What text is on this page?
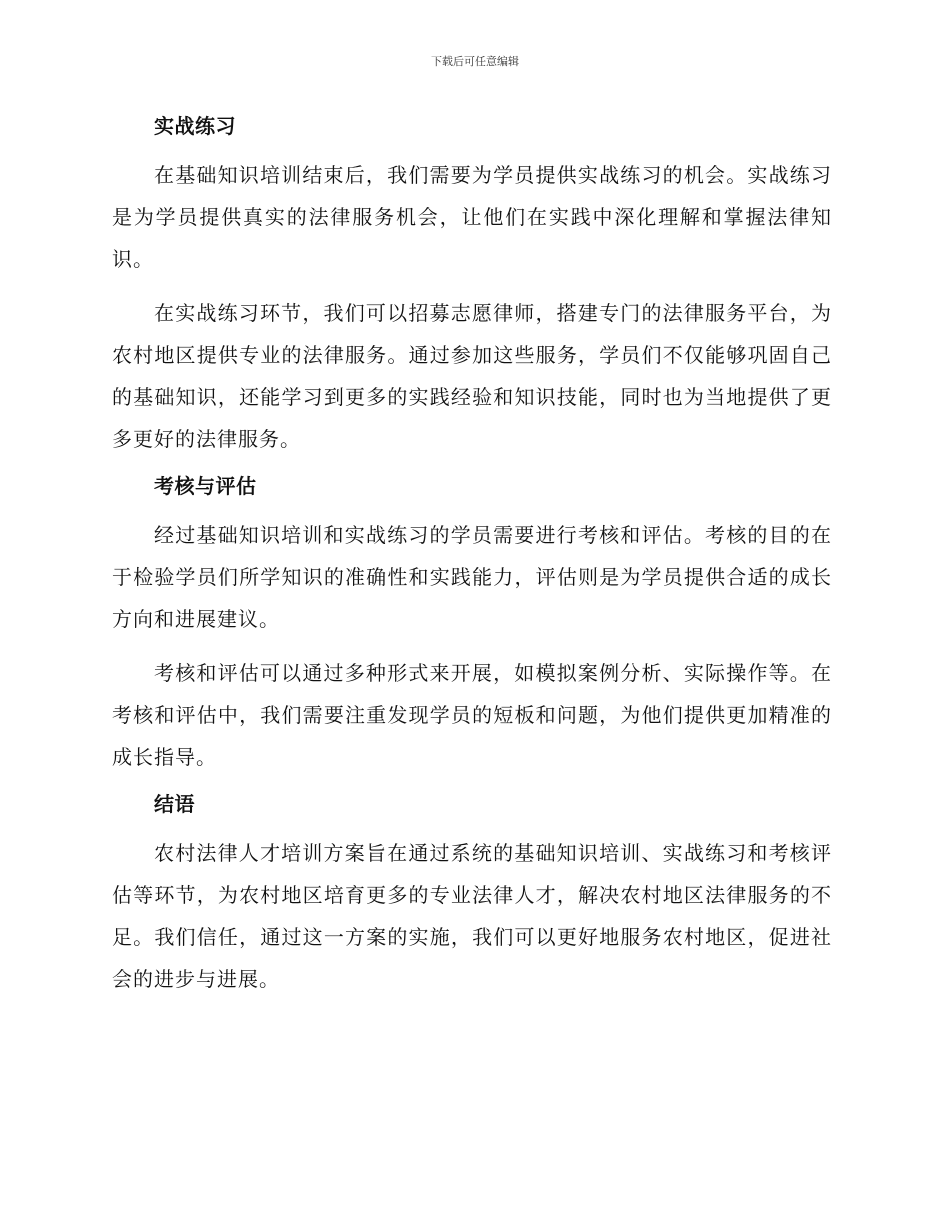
下载后可任意编辑
实战练习

在基础知识培训结束后，我们需要为学员提供实战练习的机会。实战练习是为学员提供真实的法律服务机会，让他们在实践中深化理解和掌握法律知识。

在实战练习环节，我们可以招募志愿律师，搭建专门的法律服务平台，为农村地区提供专业的法律服务。通过参加这些服务，学员们不仅能够巩固自己的基础知识，还能学习到更多的实践经验和知识技能，同时也为当地提供了更多更好的法律服务。

考核与评估

经过基础知识培训和实战练习的学员需要进行考核和评估。考核的目的在于检验学员们所学知识的准确性和实践能力，评估则是为学员提供合适的成长方向和进展建议。

考核和评估可以通过多种形式来开展，如模拟案例分析、实际操作等。在考核和评估中，我们需要注重发现学员的短板和问题，为他们提供更加精准的成长指导。

结语

农村法律人才培训方案旨在通过系统的基础知识培训、实战练习和考核评估等环节，为农村地区培育更多的专业法律人才，解决农村地区法律服务的不足。我们信任，通过这一方案的实施，我们可以更好地服务农村地区，促进社会的进步与进展。
